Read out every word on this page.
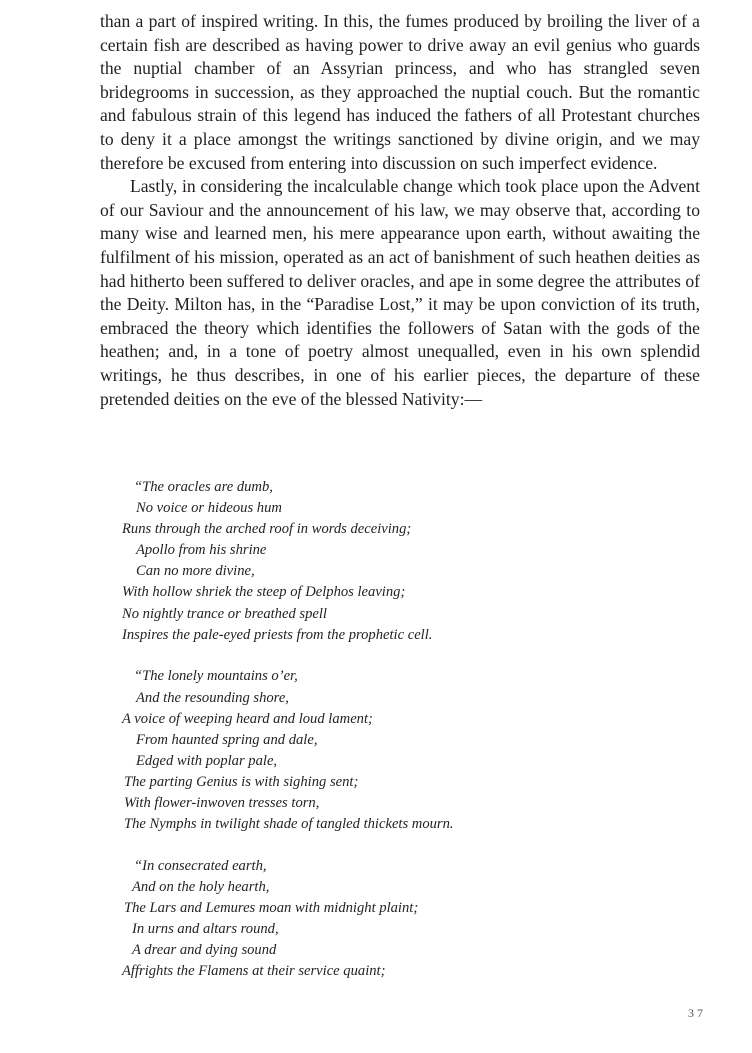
than a part of inspired writing. In this, the fumes produced by broiling the liver of a certain fish are described as having power to drive away an evil genius who guards the nuptial chamber of an Assyrian princess, and who has strangled seven bridegrooms in succession, as they approached the nuptial couch. But the romantic and fabulous strain of this legend has induced the fathers of all Protestant churches to deny it a place amongst the writings sanctioned by divine origin, and we may therefore be excused from entering into discussion on such imperfect evidence.

Lastly, in considering the incalculable change which took place upon the Advent of our Saviour and the announcement of his law, we may observe that, according to many wise and learned men, his mere appearance upon earth, without awaiting the fulfilment of his mission, operated as an act of banishment of such heathen deities as had hitherto been suffered to deliver oracles, and ape in some degree the attributes of the Deity. Milton has, in the “Paradise Lost,” it may be upon conviction of its truth, embraced the theory which identifies the followers of Satan with the gods of the heathen; and, in a tone of poetry almost unequalled, even in his own splendid writings, he thus describes, in one of his earlier pieces, the departure of these pretended deities on the eve of the blessed Nativity:—

“The oracles are dumb,
No voice or hideous hum
Runs through the arched roof in words deceiving;
Apollo from his shrine
Can no more divine,
With hollow shriek the steep of Delphos leaving;
No nightly trance or breathed spell
Inspires the pale-eyed priests from the prophetic cell.
“The lonely mountains o’er,
And the resounding shore,
A voice of weeping heard and loud lament;
From haunted spring and dale,
Edged with poplar pale,
The parting Genius is with sighing sent;
With flower-inwoven tresses torn,
The Nymphs in twilight shade of tangled thickets mourn.
“In consecrated earth,
And on the holy hearth,
The Lars and Lemures moan with midnight plaint;
In urns and altars round,
A drear and dying sound
Affrights the Flamens at their service quaint;
37
